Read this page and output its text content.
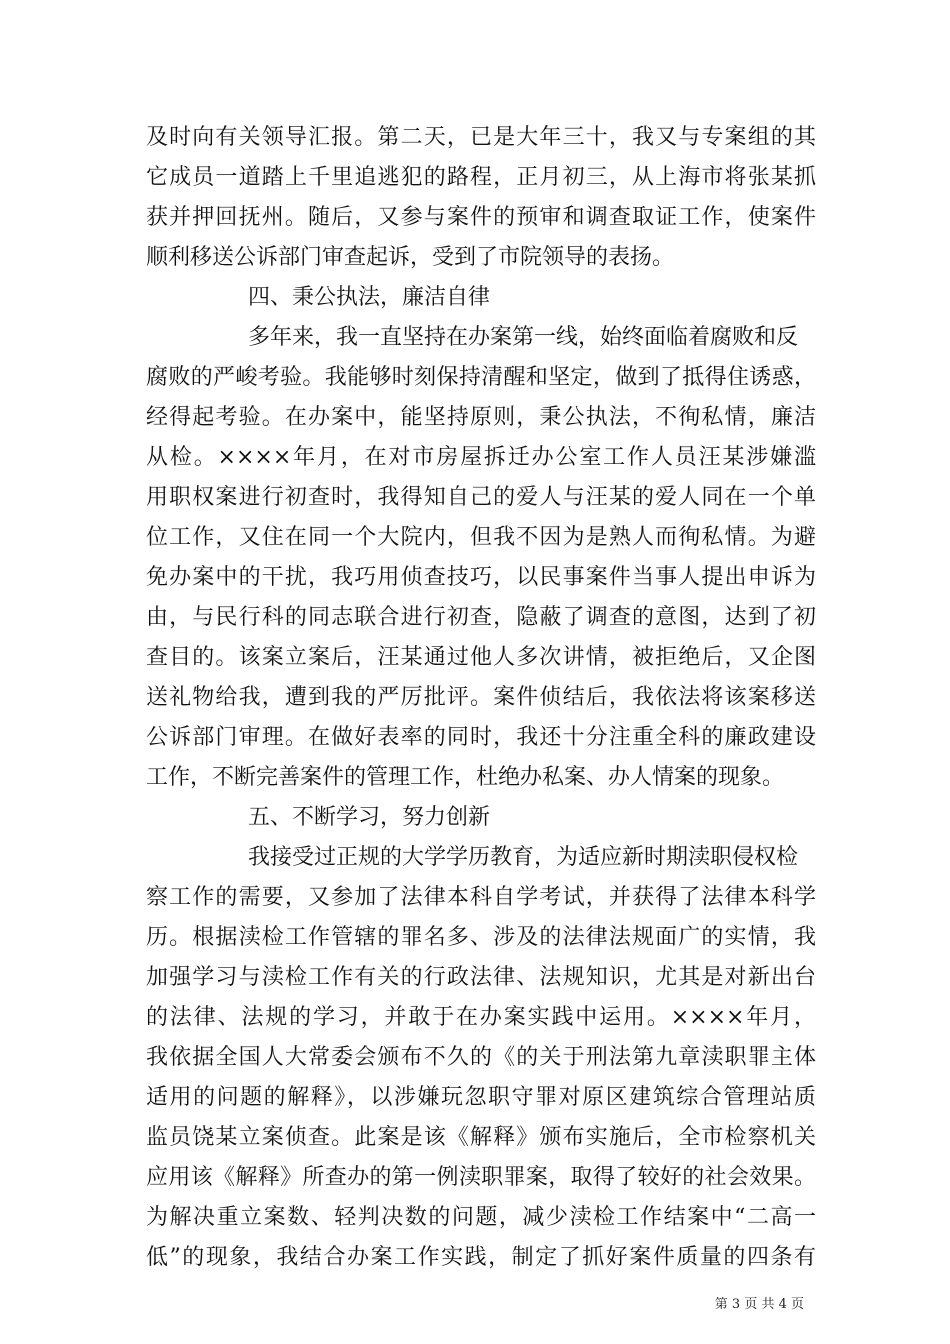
及时向有关领导汇报。第二天，已是大年三十，我又与专案组的其
它成员一道踏上千里追逃犯的路程，正月初三，从上海市将张某抓
获并押回抚州。随后，又参与案件的预审和调查取证工作，使案件
顺利移送公诉部门审查起诉，受到了市院领导的表扬。
四、秉公执法，廉洁自律
多年来，我一直坚持在办案第一线，始终面临着腐败和反
腐败的严峻考验。我能够时刻保持清醒和坚定，做到了抵得住诱惑，
经得起考验。在办案中，能坚持原则，秉公执法，不徇私情，廉洁
从检。××××年月，在对市房屋拆迁办公室工作人员汪某涉嫌滥
用职权案进行初查时，我得知自己的爱人与汪某的爱人同在一个单
位工作，又住在同一个大院内，但我不因为是熟人而徇私情。为避
免办案中的干扰，我巧用侦查技巧，以民事案件当事人提出申诉为
由，与民行科的同志联合进行初查，隐蔽了调查的意图，达到了初
查目的。该案立案后，汪某通过他人多次讲情，被拒绝后，又企图
送礼物给我，遭到我的严厉批评。案件侦结后，我依法将该案移送
公诉部门审理。在做好表率的同时，我还十分注重全科的廉政建设
工作，不断完善案件的管理工作，杜绝办私案、办人情案的现象。
五、不断学习，努力创新
我接受过正规的大学学历教育，为适应新时期渎职侵权检
察工作的需要，又参加了法律本科自学考试，并获得了法律本科学
历。根据渎检工作管辖的罪名多、涉及的法律法规面广的实情，我
加强学习与渎检工作有关的行政法律、法规知识，尤其是对新出台
的法律、法规的学习，并敢于在办案实践中运用。××××年月，
我依据全国人大常委会颁布不久的《的关于刑法第九章渎职罪主体
适用的问题的解释》，以涉嫌玩忽职守罪对原区建筑综合管理站质
监员饶某立案侦查。此案是该《解释》颁布实施后，全市检察机关
应用该《解释》所查办的第一例渎职罪案，取得了较好的社会效果。
为解决重立案数、轻判决数的问题，减少渎检工作结案中“二高一
低”的现象，我结合办案工作实践，制定了抓好案件质量的四条有
第 3 页 共 4 页
